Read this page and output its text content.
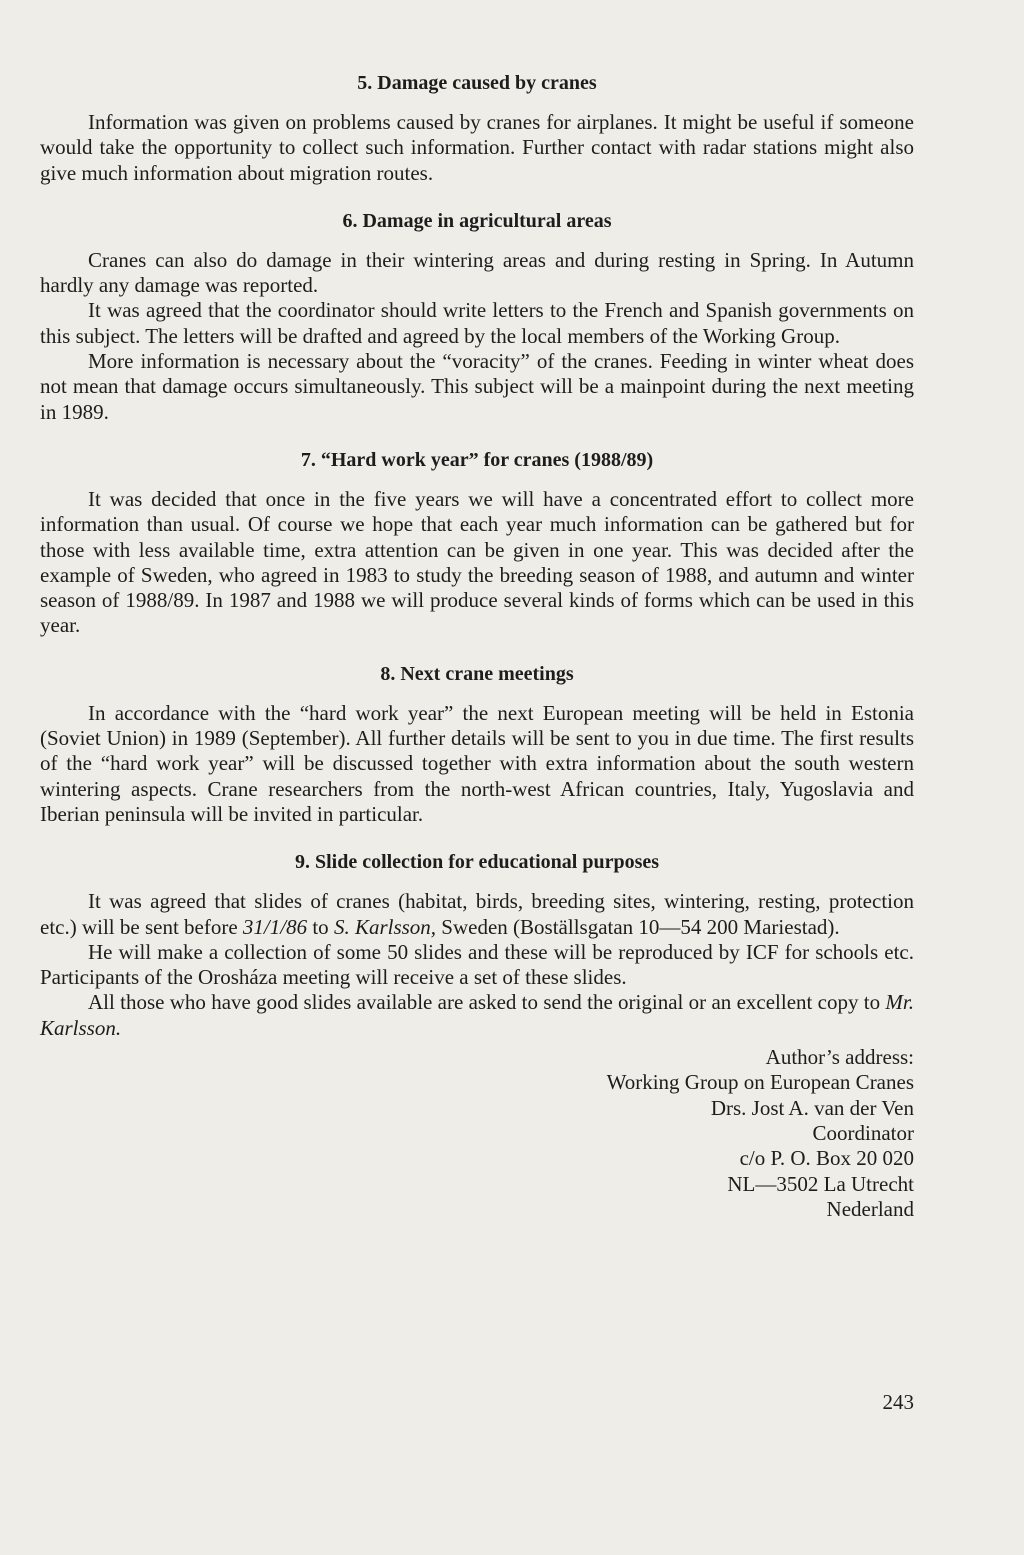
5. Damage caused by cranes

Information was given on problems caused by cranes for airplanes. It might be useful if someone would take the opportunity to collect such information. Further contact with radar stations might also give much information about migration routes.

6. Damage in agricultural areas

Cranes can also do damage in their wintering areas and during resting in Spring. In Autumn hardly any damage was reported.

It was agreed that the coordinator should write letters to the French and Spanish governments on this subject. The letters will be drafted and agreed by the local members of the Working Group.

More information is necessary about the “voracity” of the cranes. Feeding in winter wheat does not mean that damage occurs simultaneously. This subject will be a mainpoint during the next meeting in 1989.

7. “Hard work year” for cranes (1988/89)

It was decided that once in the five years we will have a concentrated effort to collect more information than usual. Of course we hope that each year much information can be gathered but for those with less available time, extra attention can be given in one year. This was decided after the example of Sweden, who agreed in 1983 to study the breeding season of 1988, and autumn and winter season of 1988/89. In 1987 and 1988 we will produce several kinds of forms which can be used in this year.

8. Next crane meetings

In accordance with the “hard work year” the next European meeting will be held in Estonia (Soviet Union) in 1989 (September). All further details will be sent to you in due time. The first results of the “hard work year” will be discussed together with extra information about the south western wintering aspects. Crane researchers from the north-west African countries, Italy, Yugoslavia and Iberian peninsula will be invited in particular.

9. Slide collection for educational purposes

It was agreed that slides of cranes (habitat, birds, breeding sites, wintering, resting, protection etc.) will be sent before 31/1/86 to S. Karlsson, Sweden (Boställsgatan 10—54 200 Mariestad).

He will make a collection of some 50 slides and these will be reproduced by ICF for schools etc. Participants of the Orosháza meeting will receive a set of these slides.

All those who have good slides available are asked to send the original or an excellent copy to Mr. Karlsson.

Author’s address:
Working Group on European Cranes
Drs. Jost A. van der Ven
Coordinator
c/o P. O. Box 20 020
NL—3502 La Utrecht
Nederland
243
